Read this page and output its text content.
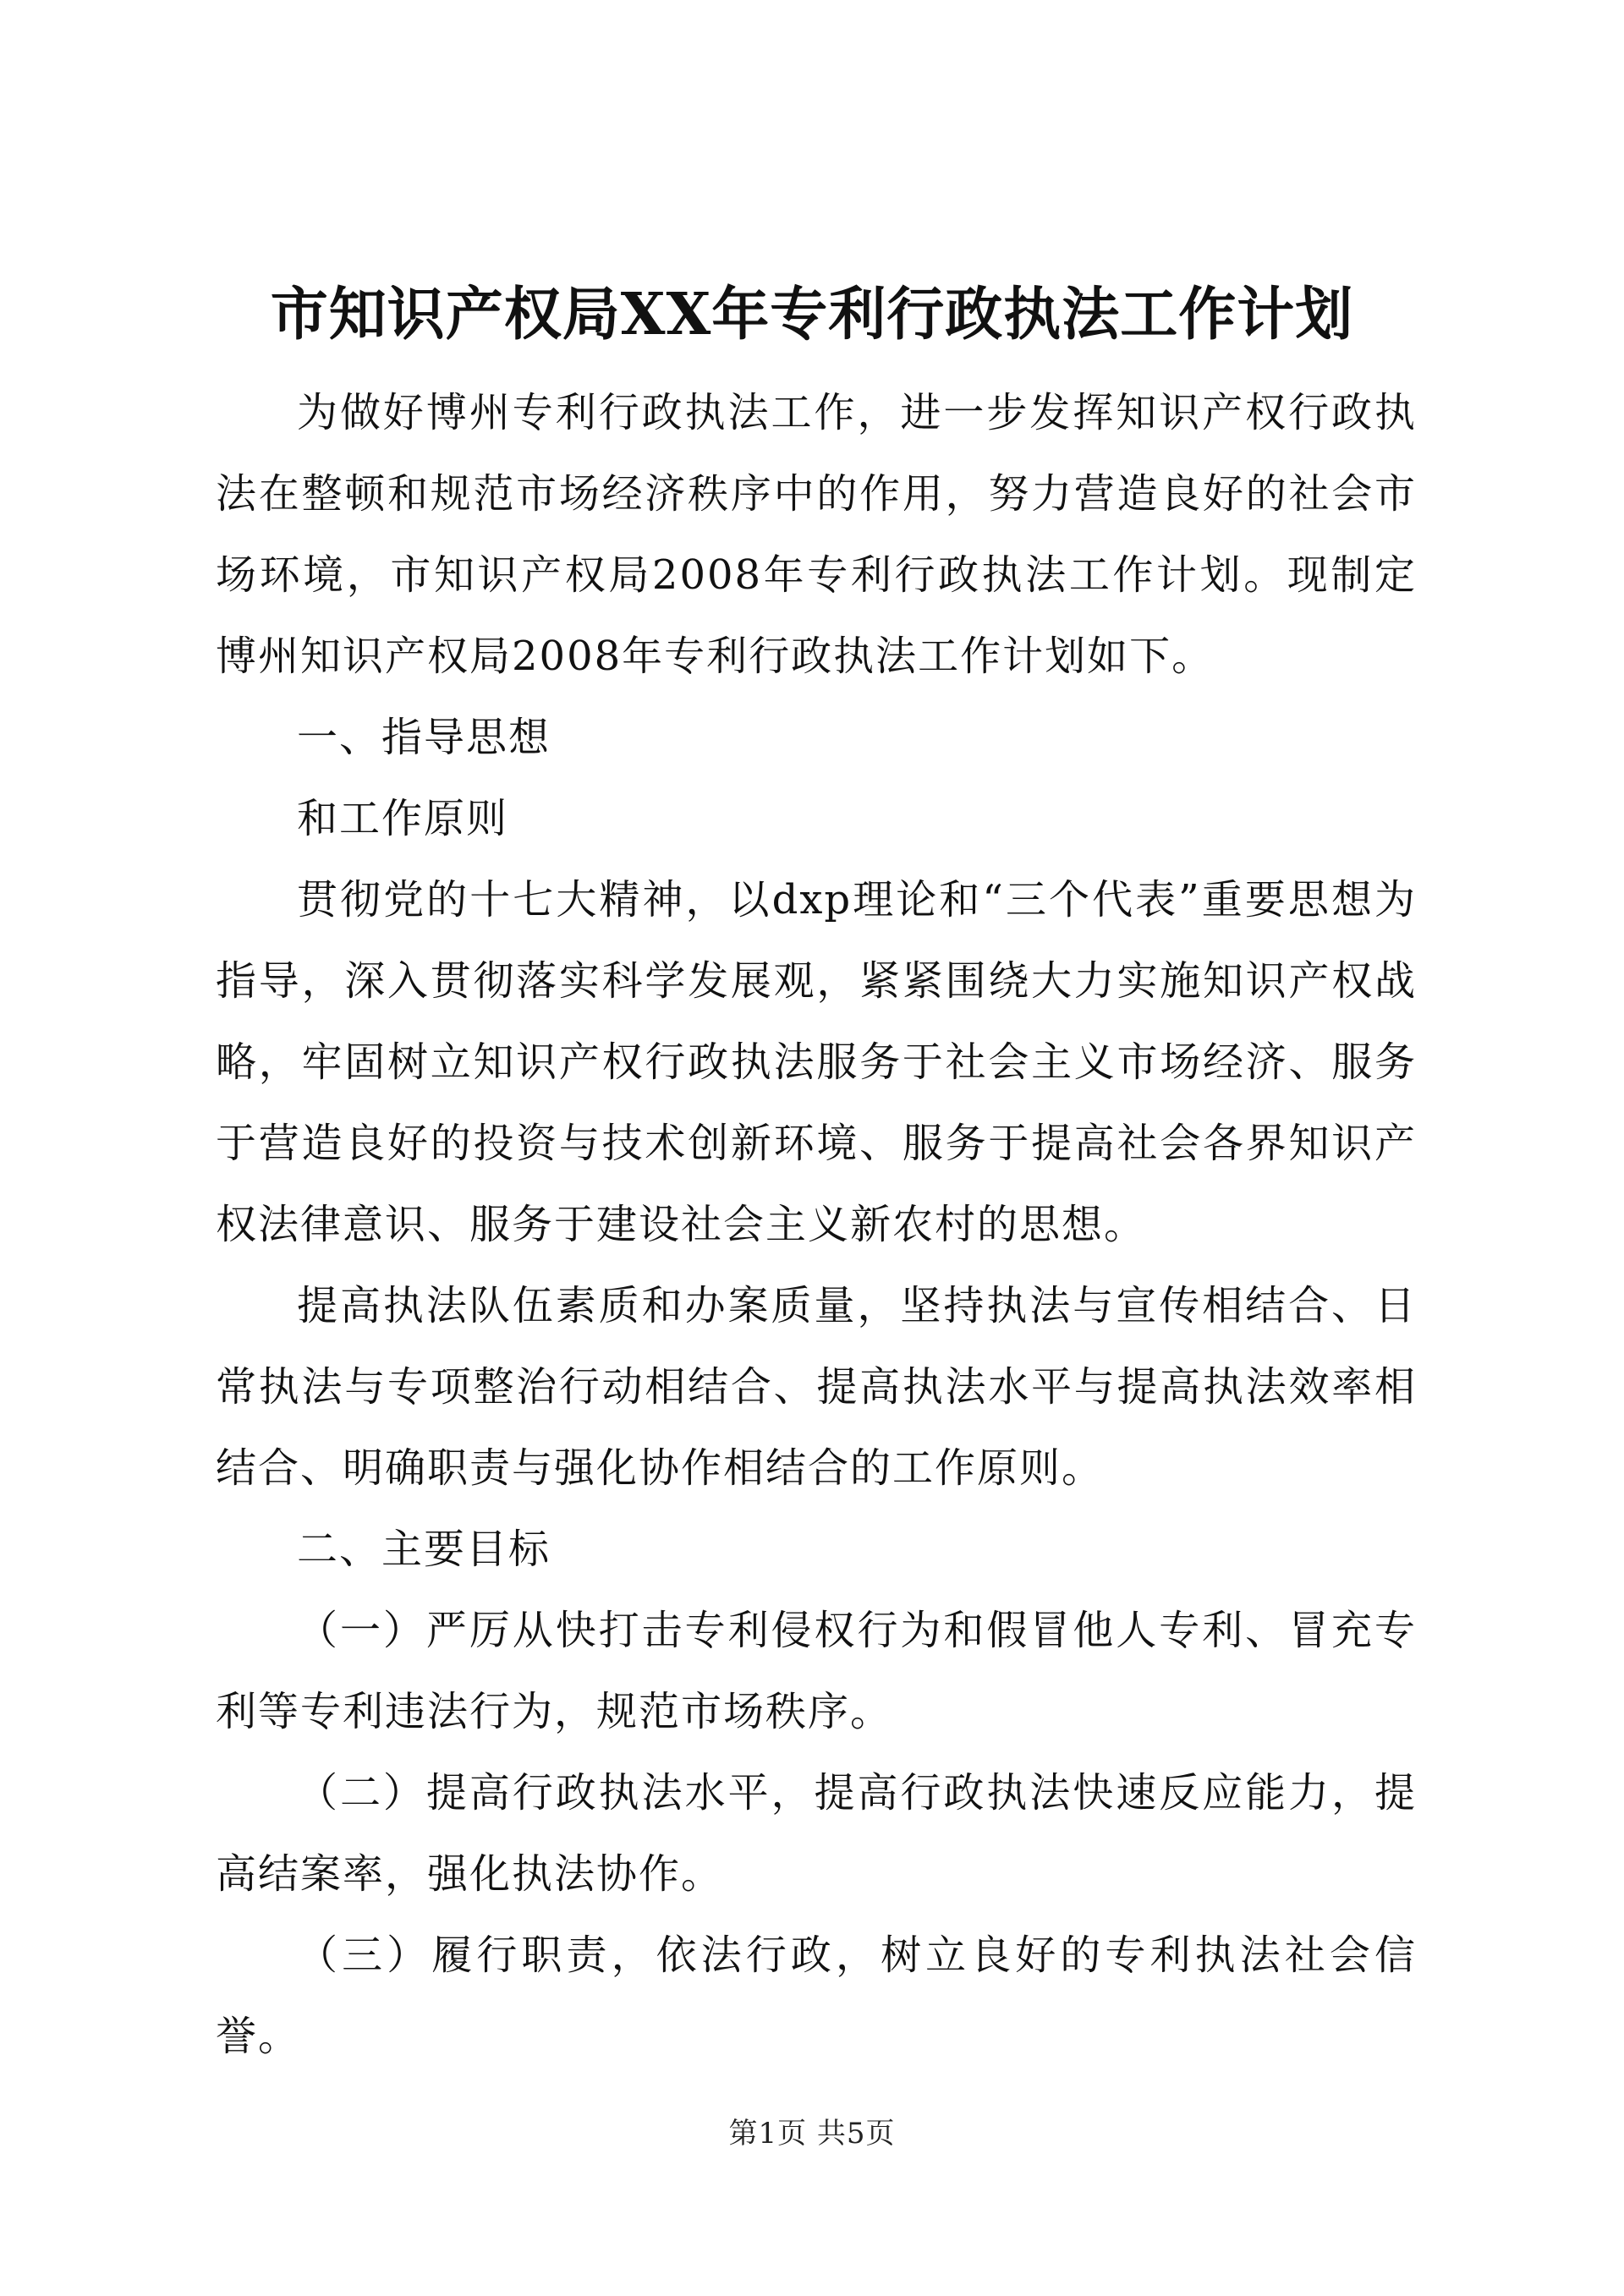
市知识产权局XX年专利行政执法工作计划

为做好博州专利行政执法工作，进一步发挥知识产权行政执法在整顿和规范市场经济秩序中的作用，努力营造良好的社会市场环境，市知识产权局2008年专利行政执法工作计划。现制定博州知识产权局2008年专利行政执法工作计划如下。

一、指导思想

和工作原则

贯彻党的十七大精神，以dxp理论和“三个代表”重要思想为指导，深入贯彻落实科学发展观，紧紧围绕大力实施知识产权战略，牢固树立知识产权行政执法服务于社会主义市场经济、服务于营造良好的投资与技术创新环境、服务于提高社会各界知识产权法律意识、服务于建设社会主义新农村的思想。

提高执法队伍素质和办案质量，坚持执法与宣传相结合、日常执法与专项整治行动相结合、提高执法水平与提高执法效率相结合、明确职责与强化协作相结合的工作原则。

二、主要目标

（一）严厉从快打击专利侵权行为和假冒他人专利、冒充专利等专利违法行为，规范市场秩序。

（二）提高行政执法水平，提高行政执法快速反应能力，提高结案率，强化执法协作。

（三）履行职责，依法行政，树立良好的专利执法社会信誉。

第1页 共5页
